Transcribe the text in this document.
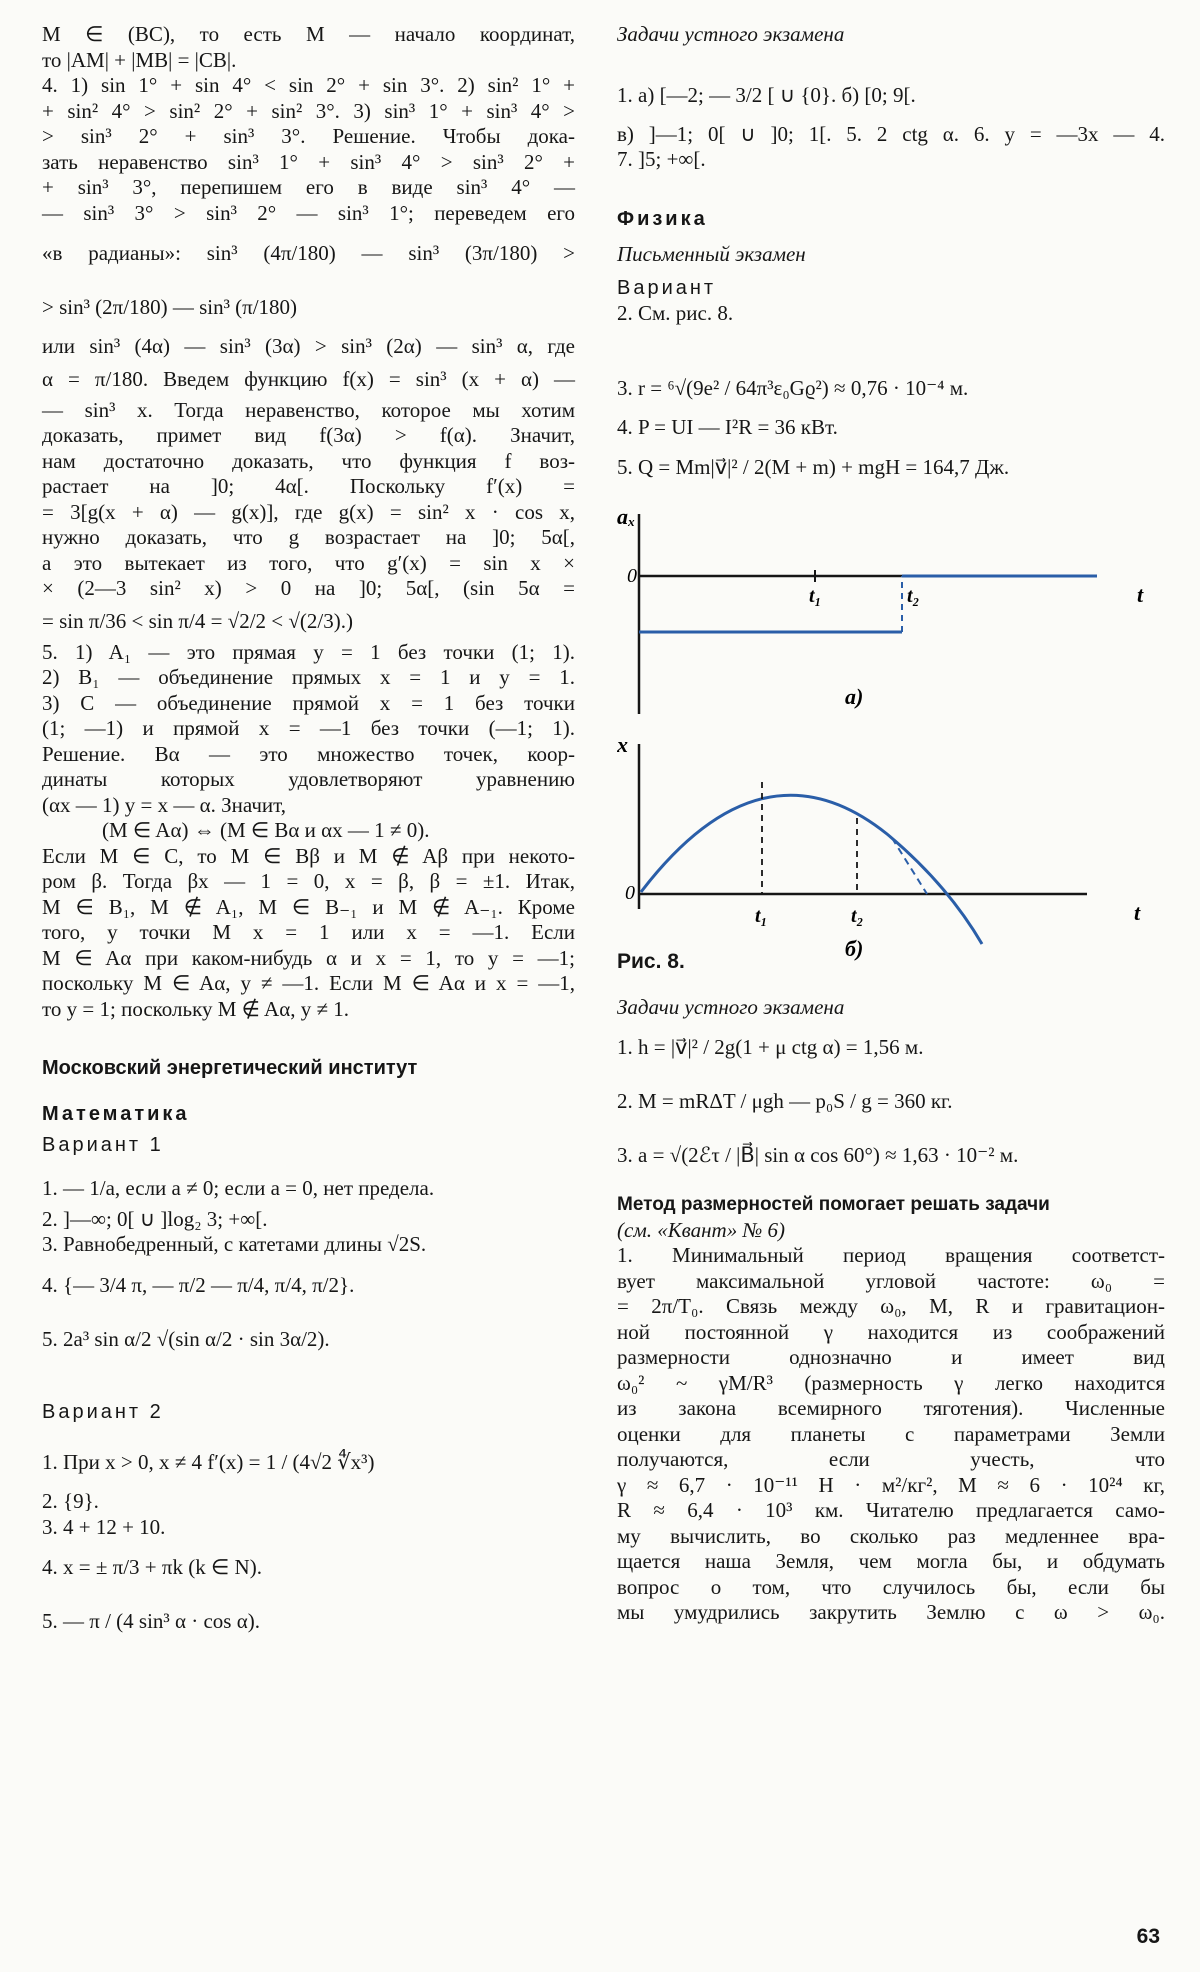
M ∈ (BC), то есть M — начало координат,

то |AM| + |MB| = |CB|.

4. 1) sin 1° + sin 4° < sin 2° + sin 3°. 2) sin² 1° +

+ sin² 4° > sin² 2° + sin² 3°. 3) sin³ 1° + sin³ 4° >

> sin³ 2° + sin³ 3°. Решение. Чтобы дока-

зать неравенство sin³ 1° + sin³ 4° > sin³ 2° +

+ sin³ 3°, перепишем его в виде sin³ 4° —

— sin³ 3° > sin³ 2° — sin³ 1°; переведем его

«в радианы»: sin³ (4π/180) — sin³ (3π/180) >

> sin³ (2π/180) — sin³ (π/180)

или sin³ (4α) — sin³ (3α) > sin³ (2α) — sin³ α, где

α = π/180. Введем функцию f(x) = sin³ (x + α) —

— sin³ x. Тогда неравенство, которое мы хотим

доказать, примет вид f(3α) > f(α). Значит,

нам достаточно доказать, что функция f воз-

растает на ]0; 4α[. Поскольку f′(x) =

= 3[g(x + α) — g(x)], где g(x) = sin² x · cos x,

нужно доказать, что g возрастает на ]0; 5α[,

а это вытекает из того, что g′(x) = sin x ×

× (2—3 sin² x) > 0 на ]0; 5α[, (sin 5α =

= sin π/36 < sin π/4 = √2/2 < √(2/3).)

5. 1) A₁ — это прямая y = 1 без точки (1; 1).

2) B₁ — объединение прямых x = 1 и y = 1.

3) C — объединение прямой x = 1 без точки

(1; —1) и прямой x = —1 без точки (—1; 1).

Решение. Bα — это множество точек, коор-

динаты которых удовлетворяют уравнению

(αx — 1) y = x — α. Значит,

(M ∈ Aα) ⇔ (M ∈ Bα и αx — 1 ≠ 0).

Если M ∈ C, то M ∈ Bβ и M ∉ Aβ при некото-

ром β. Тогда βx — 1 = 0, x = β, β = ±1. Итак,

M ∈ B₁, M ∉ A₁, M ∈ B₋₁ и M ∉ A₋₁. Кроме

того, у точки M x = 1 или x = —1. Если

M ∈ Aα при каком-нибудь α и x = 1, то y = —1;

поскольку M ∈ Aα, y ≠ —1. Если M ∈ Aα и x = —1,

то y = 1; поскольку M ∉ Aα, y ≠ 1.

Московский энергетический институт

Математика

Вариант 1

1. — 1/a, если a ≠ 0; если a = 0, нет предела.

2. ]—∞; 0[ ∪ ]log₂ 3; +∞[.

3. Равнобедренный, с катетами длины √2S.

4. {— 3/4 π, — π/2 — π/4, π/4, π/2}.

5. 2a³ sin α/2 √(sin α/2 · sin 3α/2).

Вариант 2

1. При x > 0, x ≠ 4 f′(x) = 1 / (4√2 ∜x³)

2. {9}.

3. 4 + 12 + 10.

4. x = ± π/3 + πk (k ∈ N).

5. — π / (4 sin³ α · cos α).

Задачи устного экзамена

1. а) [—2; — 3/2 [ ∪ {0}. б) [0; 9[.

в) ]—1; 0[ ∪ ]0; 1[. 5. 2 ctg α. 6. y = —3x — 4.

7. ]5; +∞[.

Физика

Письменный экзамен

Вариант

2. См. рис. 8.

3. r = ⁶√(9e² / 64π³ε₀Gϱ²) ≈ 0,76 · 10⁻⁴ м.

4. P = UI — I²R = 36 кВт.

5. Q = Mm|v⃗|² / 2(M + m) + mgH = 164,7 Дж.

aₓ
0
t
t₁	t₂
а)
x
0
t
t₁	t₂
б)

Рис. 8.

Задачи устного экзамена

1. h = |v⃗|² / 2g(1 + μ ctg α) = 1,56 м.

2. M = mRΔT / μgh — p₀S / g = 360 кг.

3. a = √(2ℰτ / |B⃗| sin α cos 60°) ≈ 1,63 · 10⁻² м.

Метод размерностей помогает решать задачи

(см. «Квант» № 6)

1. Минимальный период вращения соответст-

вует максимальной угловой частоте: ω₀ =

= 2π/T₀. Связь между ω₀, M, R и гравитацион-

ной постоянной γ находится из соображений

размерности однозначно и имеет вид

ω₀² ~ γM/R³ (размерность γ легко находится

из закона всемирного тяготения). Численные

оценки для планеты с параметрами Земли

получаются, если учесть, что

γ ≈ 6,7 · 10⁻¹¹ Н · м²/кг², M ≈ 6 · 10²⁴ кг,

R ≈ 6,4 · 10³ км. Читателю предлагается само-

му вычислить, во сколько раз медленнее вра-

щается наша Земля, чем могла бы, и обдумать

вопрос о том, что случилось бы, если бы

мы умудрились закрутить Землю с ω > ω₀.

63
